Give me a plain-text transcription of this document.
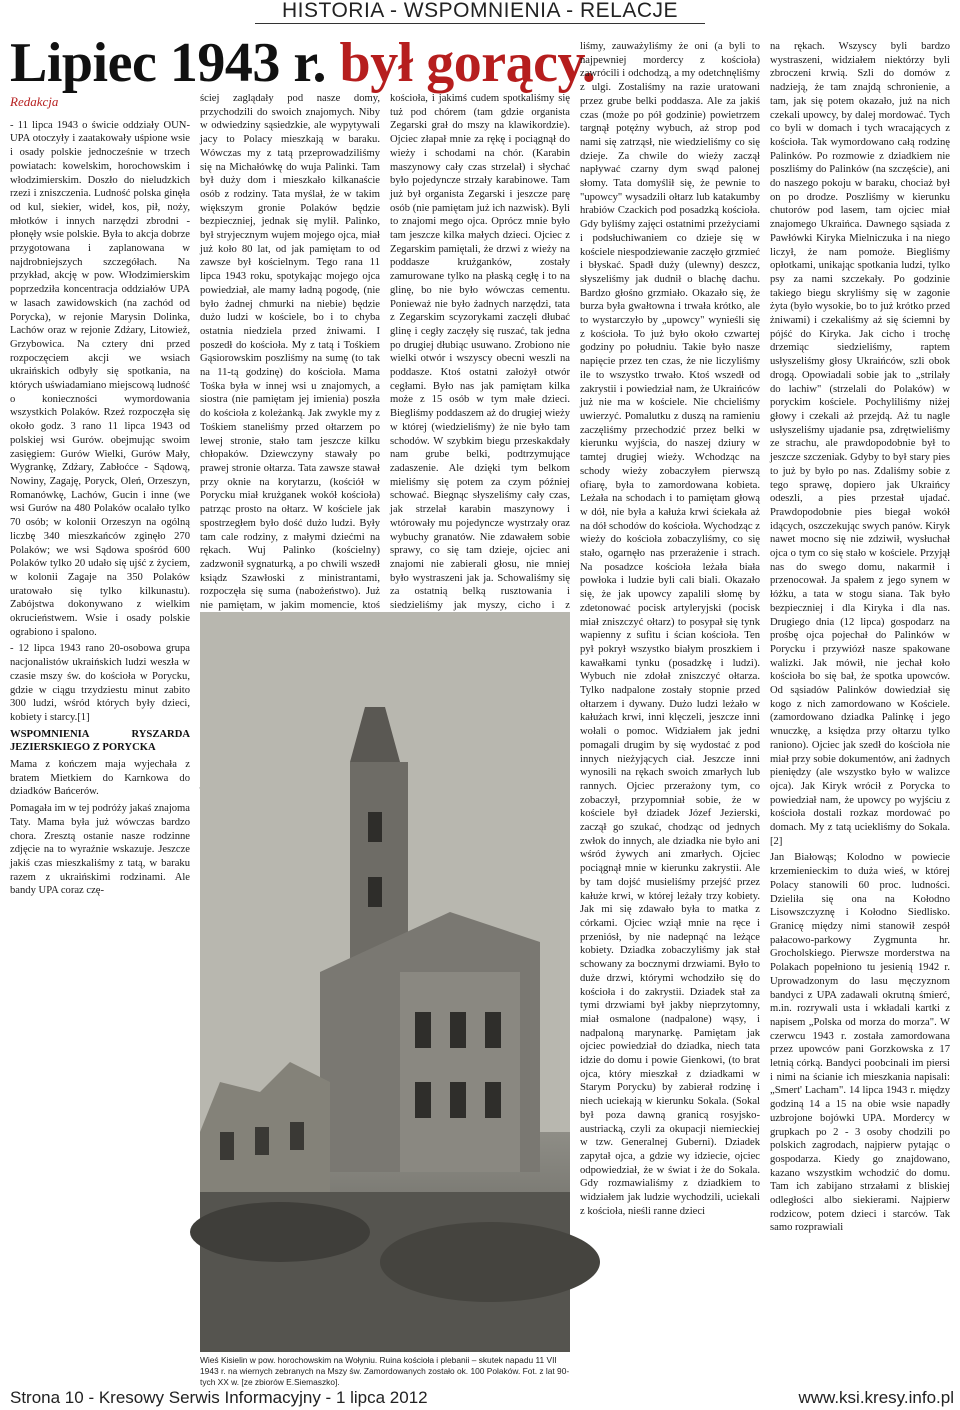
HISTORIA - WSPOMNIENIA - RELACJE
Lipiec 1943 r. był gorący.

Redakcja

- 11 lipca 1943 o świcie oddziały OUN-UPA otoczyły i zaatakowały uśpione wsie i osady polskie jednocześnie w trzech powiatach: kowelskim, horochowskim i włodzimierskim. Doszło do nieludzkich rzezi i zniszczenia. Ludność polska ginęła od kul, siekier, wideł, kos, pił, noży, młotków i innych narzędzi zbrodni - płonęły wsie polskie. Była to akcja dobrze przygotowana i zaplanowana w najdrobniejszych szczegółach. Na przykład, akcję w pow. Włodzimierskim poprzedziła koncentracja oddziałów UPA w lasach zawidowskich (na zachód od Porycka), w rejonie Marysin Dolinka, Lachów oraz w rejonie Zdżary, Litowież, Grzybowica. Na cztery dni przed rozpoczęciem akcji we wsiach ukraińskich odbyły się spotkania, na których uświadamiano miejscową ludność o konieczności wymordowania wszystkich Polaków. Rzeź rozpoczęła się około godz. 3 rano 11 lipca 1943 od polskiej wsi Gurów. obejmując swoim zasięgiem: Gurów Wielki, Gurów Mały, Wygrankę, Zdżary, Zabłoćce - Sądową, Nowiny, Zagaję, Poryck, Oleń, Orzeszyn, Romanówkę, Lachów, Gucin i inne (we wsi Gurów na 480 Polaków ocalało tylko 70 osób; w kolonii Orzeszyn na ogólną liczbę 340 mieszkańców zginęło 270 Polaków; we wsi Sądowa spośród 600 Polaków tylko 20 udało się ujść z życiem, w kolonii Zagaje na 350 Polaków uratowało się tylko kilkunastu). Zabójstwa dokonywano z wielkim okrucieństwem. Wsie i osady polskie ograbiono i spalono.

- 12 lipca 1943 rano 20-osobowa grupa nacjonalistów ukraińskich ludzi weszła w czasie mszy św. do kościoła w Porycku, gdzie w ciągu trzydziestu minut zabito 300 ludzi, wśród których były dzieci, kobiety i starcy.[1]

WSPOMNIENIA RYSZARDA JEZIERSKIEGO Z PORYCKA

Mama z kończem maja wyjechała z bratem Mietkiem do Karnkowa do dziadków Bańcerów.

Pomagała im w tej podróży jakaś znajoma Taty. Mama była już wówczas bardzo chora. Zresztą ostanie nasze rodzinne zdjęcie na to wyraźnie wskazuje. Jeszcze jakiś czas mieszkaliśmy z tatą, w baraku razem z ukraińskimi rodzinami. Ale bandy UPA coraz czę-

ściej zaglądały pod nasze domy, przychodzili do swoich znajomych. Niby w odwiedziny sąsiedzkie, ale wypytywali jacy to Polacy mieszkają w baraku. Wówczas my z tatą przeprowadziliśmy się na Michałówkę do wuja Palinki. Tam był duży dom i mieszkało kilkanaście osób z rodziny. Tata myślał, że w takim większym gronie Polaków będzie bezpieczniej, jednak się mylił. Palinko, był stryjecznym wujem mojego ojca, miał już koło 80 lat, od jak pamiętam to od zawsze był kościelnym. Tego rana 11 lipca 1943 roku, spotykając mojego ojca powiedział, ale mamy ładną pogodę, (nie było żadnej chmurki na niebie) będzie dużo ludzi w kościele, bo i to chyba ostatnia niedziela przed żniwami. I poszedł do kościoła. My z tatą i Tośkiem Gąsiorowskim poszliśmy na sumę (to tak na 11-tą godzinę) do kościoła. Mama Tośka była w innej wsi u znajomych, a siostra (nie pamiętam jej imienia) poszła do kościoła z koleżanką. Jak zwykle my z Tośkiem staneliśmy przed ołtarzem po lewej stronie, stało tam jeszcze kilku chłopaków. Dziewczyny stawały po prawej stronie ołtarza. Tata zawsze stawał przy oknie na korytarzu, (kościół w Porycku miał krużganek wokół kościoła) patrząc prosto na ołtarz. W kościele jak spostrzegłem było dość dużo ludzi. Były tam cale rodziny, z małymi dziećmi na rękach. Wuj Palinko (kościelny) zadzwonił sygnaturką, a po chwili wszedł ksiądz Szawłoski z ministrantami, rozpoczęła się suma (nabożeństwo). Już nie pamiętam, w jakim momencie, ktoś

kościoła, i jakimś cudem spotkaliśmy się tuż pod chórem (tam gdzie organista Zegarski grał do mszy na klawikordzie). Ojciec złapał mnie za rękę i pociągnął do wieży i schodami na chór. (Karabin maszynowy cały czas strzelał) i słychać było pojedyncze strzały karabinowe. Tam już był organista Zegarski i jeszcze parę osób (nie pamiętam już ich nazwisk). Byli to znajomi mego ojca. Oprócz mnie było tam jeszcze kilka małych dzieci. Ojciec z Zegarskim pamiętali, że drzwi z wieży na poddasze krużganków, zostały zamurowane tylko na płaską cegłę i to na glinę, bo nie było wówczas cementu. Ponieważ nie było żadnych narzędzi, tata z Zegarskim scyzorykami zaczęli dłubać glinę i cegły zaczęły się ruszać, tak jedna po drugiej dłubiąc usuwano. Zrobiono nie wielki otwór i wszyscy obecni weszli na poddasze. Ktoś ostatni założył otwór cegłami. Było nas jak pamiętam kilka może z 15 osób w tym małe dzieci. Biegliśmy poddaszem aż do drugiej wieży w której (wiedzieliśmy) że nie było tam schodów. W szybkim biegu przeskakdały nam grube belki, podtrzymujące zadaszenie. Ale dzięki tym belkom mieliśmy się potem za czym później schować. Biegnąc słyszeliśmy cały czas, jak strzelał karabin maszynowy i wtórowały mu pojedyncze wystrzały oraz wybuchy granatów. Nie zdawałem sobie sprawy, co się tam dzieje, ojciec ani znajomi nie zabierali głosu, nie mniej było wystraszeni jak ja. Schowaliśmy się za ostatnią belką rusztowania i siedzieliśmy jak myszy, cicho i z

Wieś Kisielin w pow. horochowskim na Wołyniu. Ruina kościoła i plebanii – skutek napadu 11 VII 1943 r. na wiernych zebranych na Mszy św. Zamordowanych zostało ok. 100 Polaków. Fot. z lat 90-tych XX w. [ze zbiorów E.Siemaszko].

liśmy, zauważyliśmy że oni (a byli to najpewniej mordercy z kościoła) zawrócili i odchodzą, a my odetchnęliśmy z ulgi. Zostaliśmy na razie uratowani przez grube belki poddasza. Ale za jakiś czas (może po pół godzinie) powietrzem targnął potężny wybuch, aż strop pod nami się zatrząsł, nie wiedzieliśmy co się dzieje. Za chwile do wieży zaczął napływać czarny dym swąd palonej słomy. Tata domyślił się, że pewnie to "upowcy" wysadzili ołtarz lub katakumby hrabiów Czackich pod posadzką kościoła. Gdy byliśmy zajęci ostatnimi przeżyciami i podsłuchiwaniem co dzieje się w kościele niespodziewanie zaczęło grzmieć i błyskać. Spadł duży (ulewny) deszcz, słyszeliśmy jak dudnił o blachę dachu. Bardzo głośno grzmiało. Okazało się, że burza była gwałtowna i trwała krótko, ale to wystarczyło by „upowcy" wynieśli się z kościoła. To już było około czwartej godziny po południu. Takie było nasze napięcie przez ten czas, że nie liczyliśmy ile to wszystko trwało. Ktoś wszedł od zakrystii i powiedział nam, że Ukraińców już nie ma w kościele. Nie chcieliśmy uwierzyć. Pomalutku z duszą na ramieniu zaczęliśmy przechodzić przez belki w kierunku wyjścia, do naszej dziury w tamtej drugiej wieży. Wchodząc na schody wieży zobaczyłem pierwszą ofiarę, była to zamordowana kobieta. Leżała na schodach i to pamiętam głową w dół, nie była a kałuża krwi ściekała aż na dół schodów do kościoła. Wychodząc z wieży do kościoła zobaczyliśmy, co się stało, ogarnęło nas przerażenie i strach. Na posadzce kościoła leżała biała powłoka i ludzie byli cali biali. Okazało się, że jak upowcy zapalili słomę by zdetonować pocisk artyleryjski (pocisk miał zniszczyć ołtarz) to posypał się tynk wapienny z sufitu i ścian kościoła. Ten pył pokrył wszystko białym proszkiem i kawałkami tynku (posadzkę i ludzi). Wybuch nie zdołał zniszczyć ołtarza. Tylko nadpalone zostały stopnie przed ołtarzem i dywany. Dużo ludzi leżało w kałużach krwi, inni klęczeli, jeszcze inni wołali o pomoc. Widziałem jak jedni pomagali drugim by się wydostać z pod innych nieżyjących ciał. Jeszcze inni wynosili na rękach swoich zmarłych lub rannych. Ojciec przerażony tym, co zobaczył, przypomniał sobie, że w kościele był dziadek Józef Jezierski, zaczął go szukać, chodząc od jednych zwłok do innych, ale dziadka nie było ani wśród żywych ani zmarłych. Ojciec pociągnął mnie w kierunku zakrystii. Ale by tam dojść musieliśmy przejść przez kałuże krwi, w której leżały trzy kobiety. Jak mi się zdawało była to matka z córkami. Ojciec wziął mnie na ręce i przeniósł, by nie nadepnąć na leżące kobiety. Dziadka zobaczyliśmy jak stał schowany za bocznymi drzwiami. Było to duże drzwi, którymi wchodziło się do kościoła i do zakrystii. Dziadek stał za tymi drzwiami był jakby nieprzytomny, miał osmalone (nadpalone) wąsy, i nadpaloną marynarkę. Pamiętam jak ojciec powiedział do dziadka, niech tata idzie do domu i powie Gienkowi, (to brat ojca, który mieszkał z dziadkami w Starym Porycku) by zabierał rodzinę i niech uciekają w kierunku Sokala. (Sokal był poza dawną granicą rosyjsko-austriacką, czyli za okupacji niemieckiej w tzw. Generalnej Guberni). Dziadek zapytał ojca, a gdzie wy idziecie, ojciec odpowiedział, że w świat i że do Sokala. Gdy rozmawialiśmy z dziadkiem to widziałem jak ludzie wychodzili, uciekali z kościoła, nieśli ranne dzieci

na rękach. Wszyscy byli bardzo wystraszeni, widziałem niektórzy byli zbroczeni krwią. Szli do domów z nadzieją, że tam znajdą schronienie, a tam, jak się potem okazało, już na nich czekali upowcy, by dalej mordować. Tych co byli w domach i tych wracających z kościoła. Tak wymordowano całą rodzinę Palinków. Po rozmowie z dziadkiem nie poszliśmy do Palinków (na szczęście), ani do naszego pokoju w baraku, chociaż był on po drodze. Poszliśmy w kierunku chutorów pod lasem, tam ojciec miał znajomego Ukraińca. Dawnego sąsiada z Pawłówki Kiryka Mielniczuka i na niego liczył, że nam pomoże. Biegliśmy opłotkami, unikając spotkania ludzi, tylko psy za nami szczekały. Po godzinie takiego biegu skryliśmy się w zagonie żyta (było wysokie, bo to już krótko przed żniwami) i czekaliśmy aż się ściemni by pójść do Kiryka. Jak cicho i trochę drzemiąc siedzieliśmy, raptem usłyszeliśmy głosy Ukraińców, szli obok drogą. Opowiadali sobie jak to „strilały do lachiw" (strzelali do Polaków) w poryckim kościele. Pochyliliśmy niżej głowy i czekali aż przejdą. Aż tu nagle usłyszeliśmy ujadanie psa, zdrętwieliśmy ze strachu, ale prawdopodobnie był to jeszcze szczeniak. Gdyby to był stary pies to już by było po nas. Zdaliśmy sobie z tego sprawę, dopiero jak Ukraińcy odeszli, a pies przestał ujadać. Prawdopodobnie pies biegał wokół idących, oszczekując swych panów. Kiryk nawet mocno się nie zdziwił, wysłuchał ojca o tym co się stało w kościele. Przyjął nas do swego domu, nakarmił i przenocował. Ja spałem z jego synem w łóżku, a tata w stogu siana. Tak było bezpieczniej i dla Kiryka i dla nas. Drugiego dnia (12 lipca) gospodarz na prośbę ojca pojechał do Palinków w Porycku i przywiózł nasze spakowane walizki. Jak mówił, nie jechał koło kościoła bo się bał, że spotka upowców. Od sąsiadów Palinków dowiedział się kogo z nich zamordowano w Kościele. (zamordowano dziadka Palinkę i jego wnuczkę, a księdza przy ołtarzu tylko raniono). Ojciec jak szedł do kościoła nie miał przy sobie dokumentów, ani żadnych pieniędzy (ale wszystko było w walizce ojca). Jak Kiryk wrócił z Porycka to powiedział nam, że upowcy po wyjściu z kościoła dostali rozkaz mordować po domach. My z tatą uciekliśmy do Sokala. [2]

Jan Białowąs; Kolodno w powiecie krzemienieckim to duża wieś, w której Polacy stanowili 60 proc. ludności. Dzieliła się ona na Kołodno Lisowszczyznę i Kołodno Siedlisko. Granicę między nimi stanowił zespół pałacowo-parkowy Zygmunta hr. Grocholskiego. Pierwsze morderstwa na Polakach popełniono tu jesienią 1942 r. Uprowadzonym do lasu męczyznom bandyci z UPA zadawali okrutną śmierć, m.in. rozrywali usta i wkładali kartki z napisem „Polska od morza do morza". W czerwcu 1943 r. została zamordowana przez upowców pani Gorzkowska z 17 letnią córką. Bandyci poobcinali im piersi i nimi na ścianie ich mieszkania napisali: „Smert' Lacham". 14 lipca 1943 r. między godziną 14 a 15 na obie wsie napadły uzbrojone bojówki UPA. Mordercy w grupkach po 2 - 3 osoby chodzili po polskich zagrodach, najpierw pytając o gospodarza. Kiedy go znajdowano, kazano wszystkim wchodzić do domu. Tam ich zabijano strzałami z bliskiej odległości albo siekierami. Najpierw rodzicow, potem dzieci i starców. Tak samo rozprawiali

Strona 10 - Kresowy Serwis Informacyjny - 1 lipca 2012	www.ksi.kresy.info.pl
